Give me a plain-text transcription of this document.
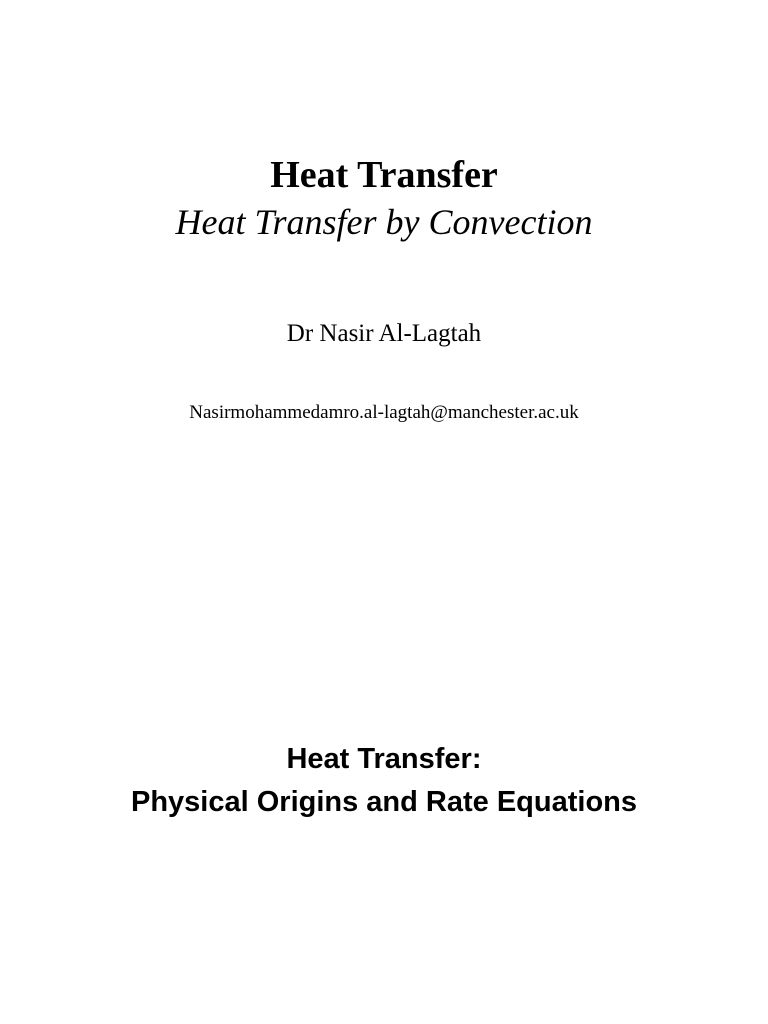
Heat Transfer
Heat Transfer by Convection
Dr Nasir Al-Lagtah
Nasirmohammedamro.al-lagtah@manchester.ac.uk
Heat Transfer:
Physical Origins and Rate Equations
